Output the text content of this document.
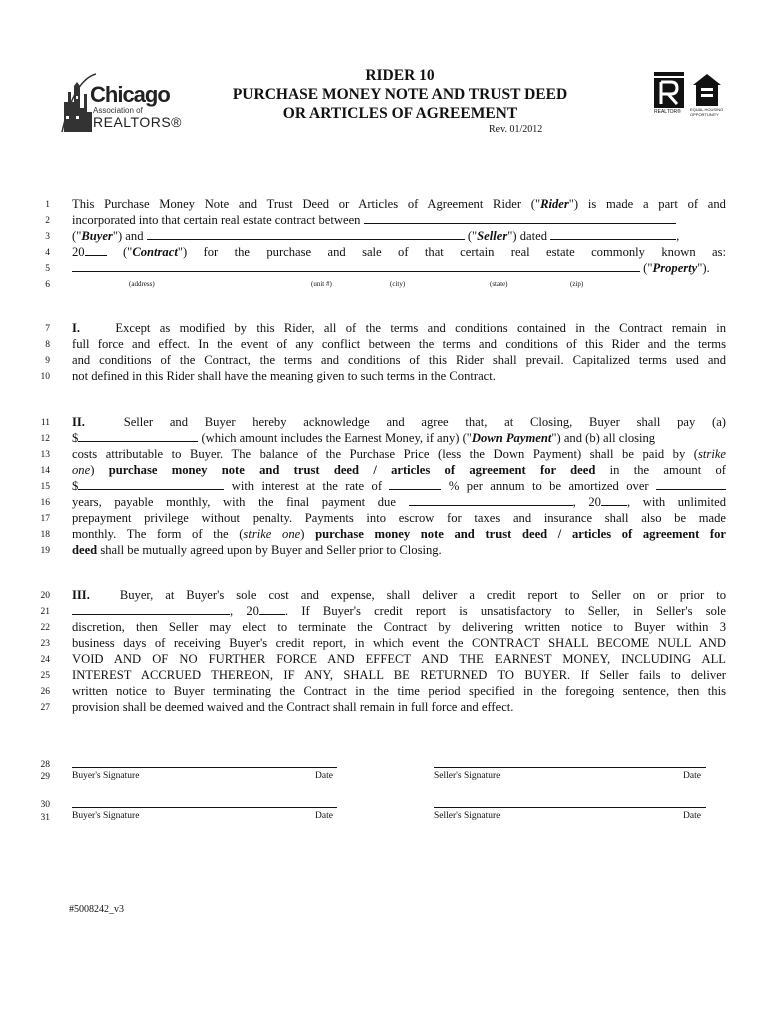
Chicago
Association of
REALTORS®
RIDER 10
PURCHASE MONEY NOTE AND TRUST DEED
OR ARTICLES OF AGREEMENT
Rev. 01/2012
REALTOR® EQUAL HOUSING OPPORTUNITY
1
2
3
4
5
6
7
8
9
10
11
12
13
14
15
16
17
18
19
20
21
22
23
24
25
26
27
28
29
30
31
This Purchase Money Note and Trust Deed or Articles of Agreement Rider ("Rider") is made a part of and
incorporated into that certain real estate contract between
("Buyer") and	("Seller") dated	,
20	("Contract") for the purchase and sale of that certain real estate commonly known as:
("Property").
(address)	(unit #)	(city)	(state)	(zip)
I.	Except as modified by this Rider, all of the terms and conditions contained in the Contract remain in
full force and effect. In the event of any conflict between the terms and conditions of this Rider and the terms
and conditions of the Contract, the terms and conditions of this Rider shall prevail. Capitalized terms used and
not defined in this Rider shall have the meaning given to such terms in the Contract.
II.	Seller and Buyer hereby acknowledge and agree that, at Closing, Buyer shall pay (a)
$	(which amount includes the Earnest Money, if any) ("Down Payment") and (b) all closing
costs attributable to Buyer. The balance of the Purchase Price (less the Down Payment) shall be paid by (strike
one) purchase money note and trust deed / articles of agreement for deed in the amount of
$	with interest at the rate of	% per annum to be amortized over
years, payable monthly, with the final payment due	, 20 , with unlimited
prepayment privilege without penalty. Payments into escrow for taxes and insurance shall also be made
monthly. The form of the (strike one) purchase money note and trust deed / articles of agreement for
deed shall be mutually agreed upon by Buyer and Seller prior to Closing.
III. Buyer, at Buyer's sole cost and expense, shall deliver a credit report to Seller on or prior to
, 20 . If Buyer's credit report is unsatisfactory to Seller, in Seller's sole
discretion, then Seller may elect to terminate the Contract by delivering written notice to Buyer within 3
business days of receiving Buyer's credit report, in which event the CONTRACT SHALL BECOME NULL AND
VOID AND OF NO FURTHER FORCE AND EFFECT AND THE EARNEST MONEY, INCLUDING ALL
INTEREST ACCRUED THEREON, IF ANY, SHALL BE RETURNED TO BUYER. If Seller fails to deliver
written notice to Buyer terminating the Contract in the time period specified in the foregoing sentence, then this
provision shall be deemed waived and the Contract shall remain in full force and effect.
Buyer's Signature	Date	Seller's Signature	Date
Buyer's Signature	Date	Seller's Signature	Date
#5008242_v3
